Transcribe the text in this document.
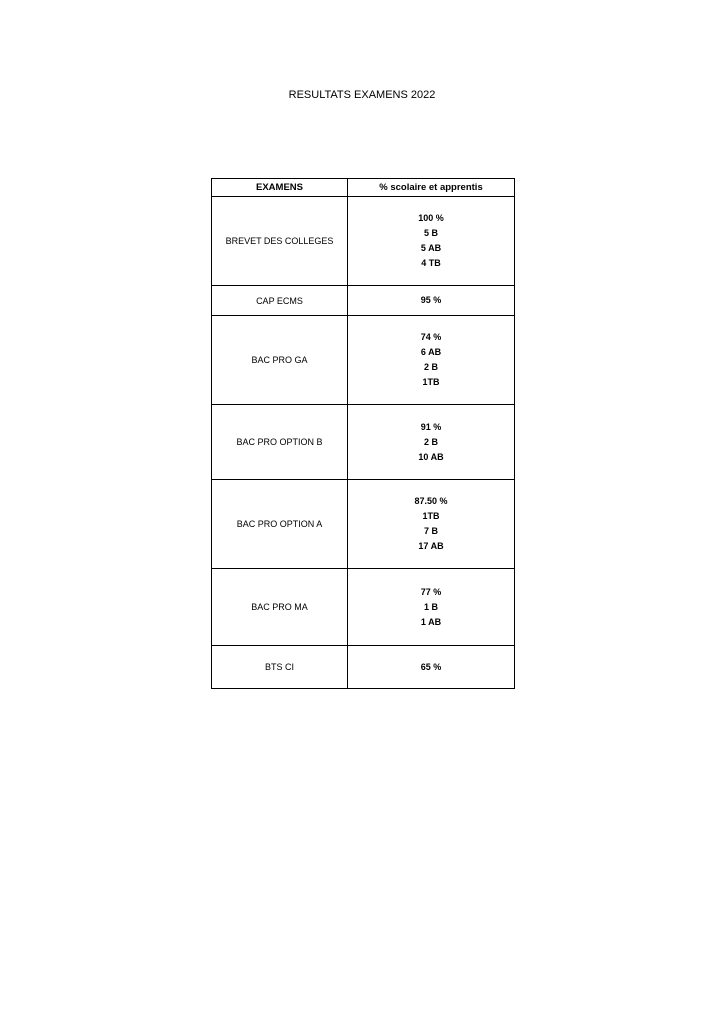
RESULTATS EXAMENS 2022
EXAMENS	% scolaire et apprentis
BREVET DES COLLEGES	100 %
5 B
5 AB
4 TB

CAP ECMS	95 %

BAC PRO GA	74 %
6 AB
2 B
1TB

BAC PRO OPTION B	91 %
2 B
10 AB

BAC PRO OPTION A	87.50 %
1TB
7 B
17 AB

BAC PRO MA	77 %
1 B
1 AB

BTS CI	65 %
